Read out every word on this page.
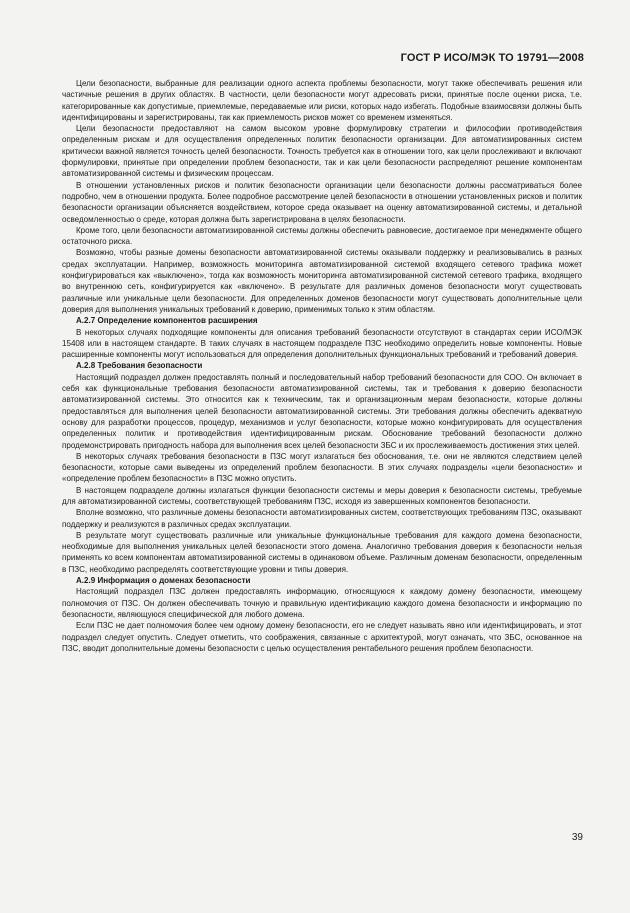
ГОСТ Р ИСО/МЭК ТО 19791—2008

Цели безопасности, выбранные для реализации одного аспекта проблемы безопасности, могут также обеспечивать решения или частичные решения в других областях. В частности, цели безопасности могут адресовать риски, принятые после оценки риска, т.е. категорированные как допустимые, приемлемые, передаваемые или риски, которых надо избегать. Подобные взаимосвязи должны быть идентифицированы и зарегистрированы, так как приемлемость рисков может со временем изменяться.

Цели безопасности предоставляют на самом высоком уровне формулировку стратегии и философии противодействия определенным рискам и для осуществления определенных политик безопасности организации. Для автоматизированных систем критически важной является точность целей безопасности. Точность требуется как в отношении того, как цели прослеживают и включают формулировки, принятые при определении проблем безопасности, так и как цели безопасности распределяют решение компонентам автоматизированной системы и физическим процессам.

В отношении установленных рисков и политик безопасности организации цели безопасности должны рассматриваться более подробно, чем в отношении продукта. Более подробное рассмотрение целей безопасности в отношении установленных рисков и политик безопасности организации объясняется воздействием, которое среда оказывает на оценку автоматизированной системы, и детальной осведомленностью о среде, которая должна быть зарегистрирована в целях безопасности.

Кроме того, цели безопасности автоматизированной системы должны обеспечить равновесие, достигаемое при менеджменте общего остаточного риска.

Возможно, чтобы разные домены безопасности автоматизированной системы оказывали поддержку и реализовывались в разных средах эксплуатации. Например, возможность мониторинга автоматизированной системой входящего сетевого трафика может конфигурироваться как «выключено», тогда как возможность мониторинга автоматизированной системой сетевого трафика, входящего во внутреннюю сеть, конфигурируется как «включено». В результате для различных доменов безопасности могут существовать различные или уникальные цели безопасности. Для определенных доменов безопасности могут существовать дополнительные цели доверия для выполнения уникальных требований к доверию, применимых только к этим областям.

А.2.7 Определение компонентов расширения

В некоторых случаях подходящие компоненты для описания требований безопасности отсутствуют в стандартах серии ИСО/МЭК 15408 или в настоящем стандарте. В таких случаях в настоящем подразделе ПЗС необходимо определить новые компоненты. Новые расширенные компоненты могут использоваться для определения дополнительных функциональных требований и требований доверия.

А.2.8 Требования безопасности

Настоящий подраздел должен предоставлять полный и последовательный набор требований безопасности для СОО. Он включает в себя как функциональные требования безопасности автоматизированной системы, так и требования к доверию безопасности автоматизированной системы. Это относится как к техническим, так и организационным мерам безопасности, которые должны предоставляться для выполнения целей безопасности автоматизированной системы. Эти требования должны обеспечить адекватную основу для разработки процессов, процедур, механизмов и услуг безопасности, которые можно конфигурировать для осуществления определенных политик и противодействия идентифицированным рискам. Обоснование требований безопасности должно продемонстрировать пригодность набора для выполнения всех целей безопасности ЗБС и их прослеживаемость достижения этих целей.

В некоторых случаях требования безопасности в ПЗС могут излагаться без обоснования, т.е. они не являются следствием целей безопасности, которые сами выведены из определений проблем безопасности. В этих случаях подразделы «цели безопасности» и «определение проблем безопасности» в ПЗС можно опустить.

В настоящем подразделе должны излагаться функции безопасности системы и меры доверия к безопасности системы, требуемые для автоматизированной системы, соответствующей требованиям ПЗС, исходя из завершенных компонентов безопасности.

Вполне возможно, что различные домены безопасности автоматизированных систем, соответствующих требованиям ПЗС, оказывают поддержку и реализуются в различных средах эксплуатации.

В результате могут существовать различные или уникальные функциональные требования для каждого домена безопасности, необходимые для выполнения уникальных целей безопасности этого домена. Аналогично требования доверия к безопасности нельзя применять ко всем компонентам автоматизированной системы в одинаковом объеме. Различным доменам безопасности, определенным в ПЗС, необходимо распределять соответствующие уровни и типы доверия.

А.2.9 Информация о доменах безопасности

Настоящий подраздел ПЗС должен предоставлять информацию, относящуюся к каждому домену безопасности, имеющему полномочия от ПЗС. Он должен обеспечивать точную и правильную идентификацию каждого домена безопасности и информацию по безопасности, являющуюся специфической для любого домена.

Если ПЗС не дает полномочия более чем одному домену безопасности, его не следует называть явно или идентифицировать, и этот подраздел следует опустить. Следует отметить, что соображения, связанные с архитектурой, могут означать, что ЗБС, основанное на ПЗС, вводит дополнительные домены безопасности с целью осуществления рентабельного решения проблем безопасности.

39
